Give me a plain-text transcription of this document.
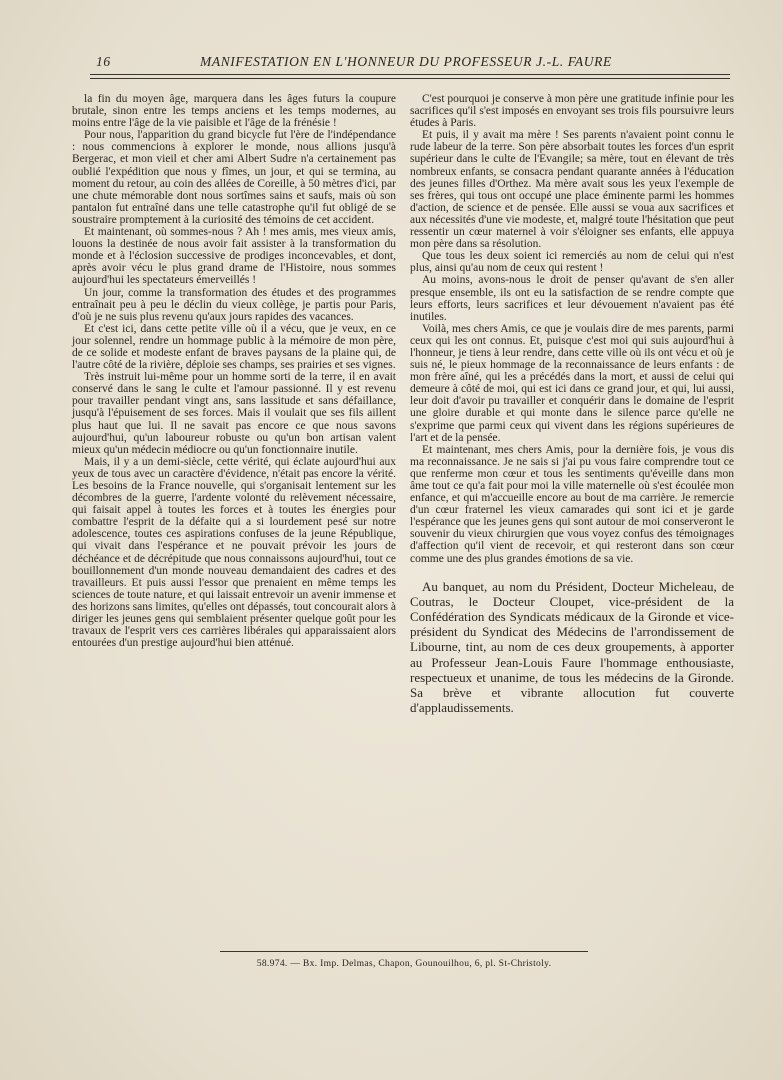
16	MANIFESTATION EN L'HONNEUR DU PROFESSEUR J.-L. FAURE

la fin du moyen âge, marquera dans les âges futurs la coupure brutale, sinon entre les temps anciens et les temps modernes, au moins entre l'âge de la vie paisible et l'âge de la frénésie !

Pour nous, l'apparition du grand bicycle fut l'ère de l'indépendance : nous commencions à explorer le monde, nous allions jusqu'à Bergerac, et mon vieil et cher ami Albert Sudre n'a certainement pas oublié l'expédition que nous y fîmes, un jour, et qui se termina, au moment du retour, au coin des allées de Coreille, à 50 mètres d'ici, par une chute mémorable dont nous sortîmes sains et saufs, mais où son pantalon fut entraîné dans une telle catastrophe qu'il fut obligé de se soustraire promptement à la curiosité des témoins de cet accident.

Et maintenant, où sommes-nous ? Ah ! mes amis, mes vieux amis, louons la destinée de nous avoir fait assister à la transformation du monde et à l'éclosion successive de prodiges inconcevables, et dont, après avoir vécu le plus grand drame de l'Histoire, nous sommes aujourd'hui les spectateurs émerveillés !

Un jour, comme la transformation des études et des programmes entraînait peu à peu le déclin du vieux collège, je partis pour Paris, d'où je ne suis plus revenu qu'aux jours rapides des vacances.

Et c'est ici, dans cette petite ville où il a vécu, que je veux, en ce jour solennel, rendre un hommage public à la mémoire de mon père, de ce solide et modeste enfant de braves paysans de la plaine qui, de l'autre côté de la rivière, déploie ses champs, ses prairies et ses vignes.

Très instruit lui-même pour un homme sorti de la terre, il en avait conservé dans le sang le culte et l'amour passionné. Il y est revenu pour travailler pendant vingt ans, sans lassitude et sans défaillance, jusqu'à l'épuisement de ses forces. Mais il voulait que ses fils aillent plus haut que lui. Il ne savait pas encore ce que nous savons aujourd'hui, qu'un laboureur robuste ou qu'un bon artisan valent mieux qu'un médecin médiocre ou qu'un fonctionnaire inutile.

Mais, il y a un demi-siècle, cette vérité, qui éclate aujourd'hui aux yeux de tous avec un caractère d'évidence, n'était pas encore la vérité. Les besoins de la France nouvelle, qui s'organisait lentement sur les décombres de la guerre, l'ardente volonté du relèvement nécessaire, qui faisait appel à toutes les forces et à toutes les énergies pour combattre l'esprit de la défaite qui a si lourdement pesé sur notre adolescence, toutes ces aspirations confuses de la jeune République, qui vivait dans l'espérance et ne pouvait prévoir les jours de déchéance et de décrépitude que nous connaissons aujourd'hui, tout ce bouillonnement d'un monde nouveau demandaient des cadres et des travailleurs. Et puis aussi l'essor que prenaient en même temps les sciences de toute nature, et qui laissait entrevoir un avenir immense et des horizons sans limites, qu'elles ont dépassés, tout concourait alors à diriger les jeunes gens qui semblaient présenter quelque goût pour les travaux de l'esprit vers ces carrières libérales qui apparaissaient alors entourées d'un prestige aujourd'hui bien atténué.

C'est pourquoi je conserve à mon père une gratitude infinie pour les sacrifices qu'il s'est imposés en envoyant ses trois fils poursuivre leurs études à Paris.

Et puis, il y avait ma mère ! Ses parents n'avaient point connu le rude labeur de la terre. Son père absorbait toutes les forces d'un esprit supérieur dans le culte de l'Evangile; sa mère, tout en élevant de très nombreux enfants, se consacra pendant quarante années à l'éducation des jeunes filles d'Orthez. Ma mère avait sous les yeux l'exemple de ses frères, qui tous ont occupé une place éminente parmi les hommes d'action, de science et de pensée. Elle aussi se voua aux sacrifices et aux nécessités d'une vie modeste, et, malgré toute l'hésitation que peut ressentir un cœur maternel à voir s'éloigner ses enfants, elle appuya mon père dans sa résolution.

Que tous les deux soient ici remerciés au nom de celui qui n'est plus, ainsi qu'au nom de ceux qui restent !

Au moins, avons-nous le droit de penser qu'avant de s'en aller presque ensemble, ils ont eu la satisfaction de se rendre compte que leurs efforts, leurs sacrifices et leur dévouement n'avaient pas été inutiles.

Voilà, mes chers Amis, ce que je voulais dire de mes parents, parmi ceux qui les ont connus. Et, puisque c'est moi qui suis aujourd'hui à l'honneur, je tiens à leur rendre, dans cette ville où ils ont vécu et où je suis né, le pieux hommage de la reconnaissance de leurs enfants : de mon frère aîné, qui les a précédés dans la mort, et aussi de celui qui demeure à côté de moi, qui est ici dans ce grand jour, et qui, lui aussi, leur doit d'avoir pu travailler et conquérir dans le domaine de l'esprit une gloire durable et qui monte dans le silence parce qu'elle ne s'exprime que parmi ceux qui vivent dans les régions supérieures de l'art et de la pensée.

Et maintenant, mes chers Amis, pour la dernière fois, je vous dis ma reconnaissance. Je ne sais si j'ai pu vous faire comprendre tout ce que renferme mon cœur et tous les sentiments qu'éveille dans mon âme tout ce qu'a fait pour moi la ville maternelle où s'est écoulée mon enfance, et qui m'accueille encore au bout de ma carrière. Je remercie d'un cœur fraternel les vieux camarades qui sont ici et je garde l'espérance que les jeunes gens qui sont autour de moi conserveront le souvenir du vieux chirurgien que vous voyez confus des témoignages d'affection qu'il vient de recevoir, et qui resteront dans son cœur comme une des plus grandes émotions de sa vie.

Au banquet, au nom du Président, Docteur Micheleau, de Coutras, le Docteur Cloupet, vice-président de la Confédération des Syndicats médicaux de la Gironde et vice-président du Syndicat des Médecins de l'arrondissement de Libourne, tint, au nom de ces deux groupements, à apporter au Professeur Jean-Louis Faure l'hommage enthousiaste, respectueux et unanime, de tous les médecins de la Gironde. Sa brève et vibrante allocution fut couverte d'applaudissements.

58.974. — Bx. Imp. Delmas, Chapon, Gounouilhou, 6, pl. St-Christoly.
